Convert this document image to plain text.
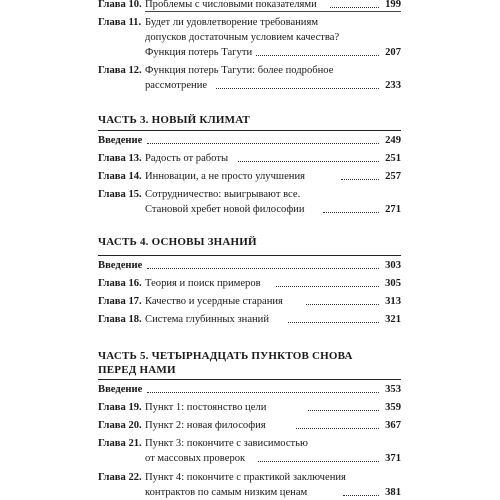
Глава 10. Проблемы с числовыми показателями	199
Глава 11. Будет ли удовлетворение требованиям
допусков достаточным условием качества?
Функция потерь Тагути	207
Глава 12. Функция потерь Тагути: более подробное
рассмотрение	233
ЧАСТЬ 3. НОВЫЙ КЛИМАТ
Введение	249
Глава 13. Радость от работы	251
Глава 14. Инновации, а не просто улучшения	257
Глава 15. Сотрудничество: выигрывают все.
Становой хребет новой философии	271
ЧАСТЬ 4. ОСНОВЫ ЗНАНИЙ
Введение	303
Глава 16. Теория и поиск примеров	305
Глава 17. Качество и усердные старания	313
Глава 18. Система глубинных знаний	321
ЧАСТЬ 5. ЧЕТЫРНАДЦАТЬ ПУНКТОВ СНОВА
ПЕРЕД НАМИ
Введение	353
Глава 19. Пункт 1: постоянство цели	359
Глава 20. Пункт 2: новая философия	367
Глава 21. Пункт 3: покончите с зависимостью
от массовых проверок	371
Глава 22. Пункт 4: покончите с практикой заключения
контрактов по самым низким ценам	381
